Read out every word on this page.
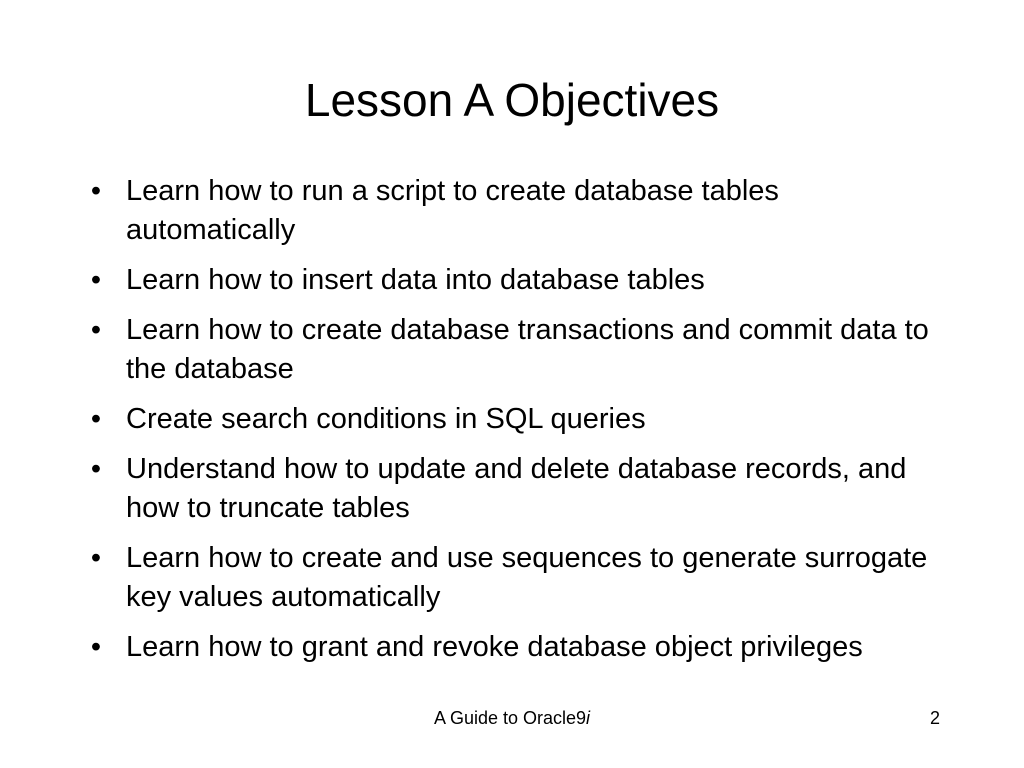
Lesson A Objectives
• Learn how to run a script to create database tables automatically
• Learn how to insert data into database tables
• Learn how to create database transactions and commit data to the database
• Create search conditions in SQL queries
• Understand how to update and delete database records, and how to truncate tables
• Learn how to create and use sequences to generate surrogate key values automatically
• Learn how to grant and revoke database object privileges
A Guide to Oracle9i	2
